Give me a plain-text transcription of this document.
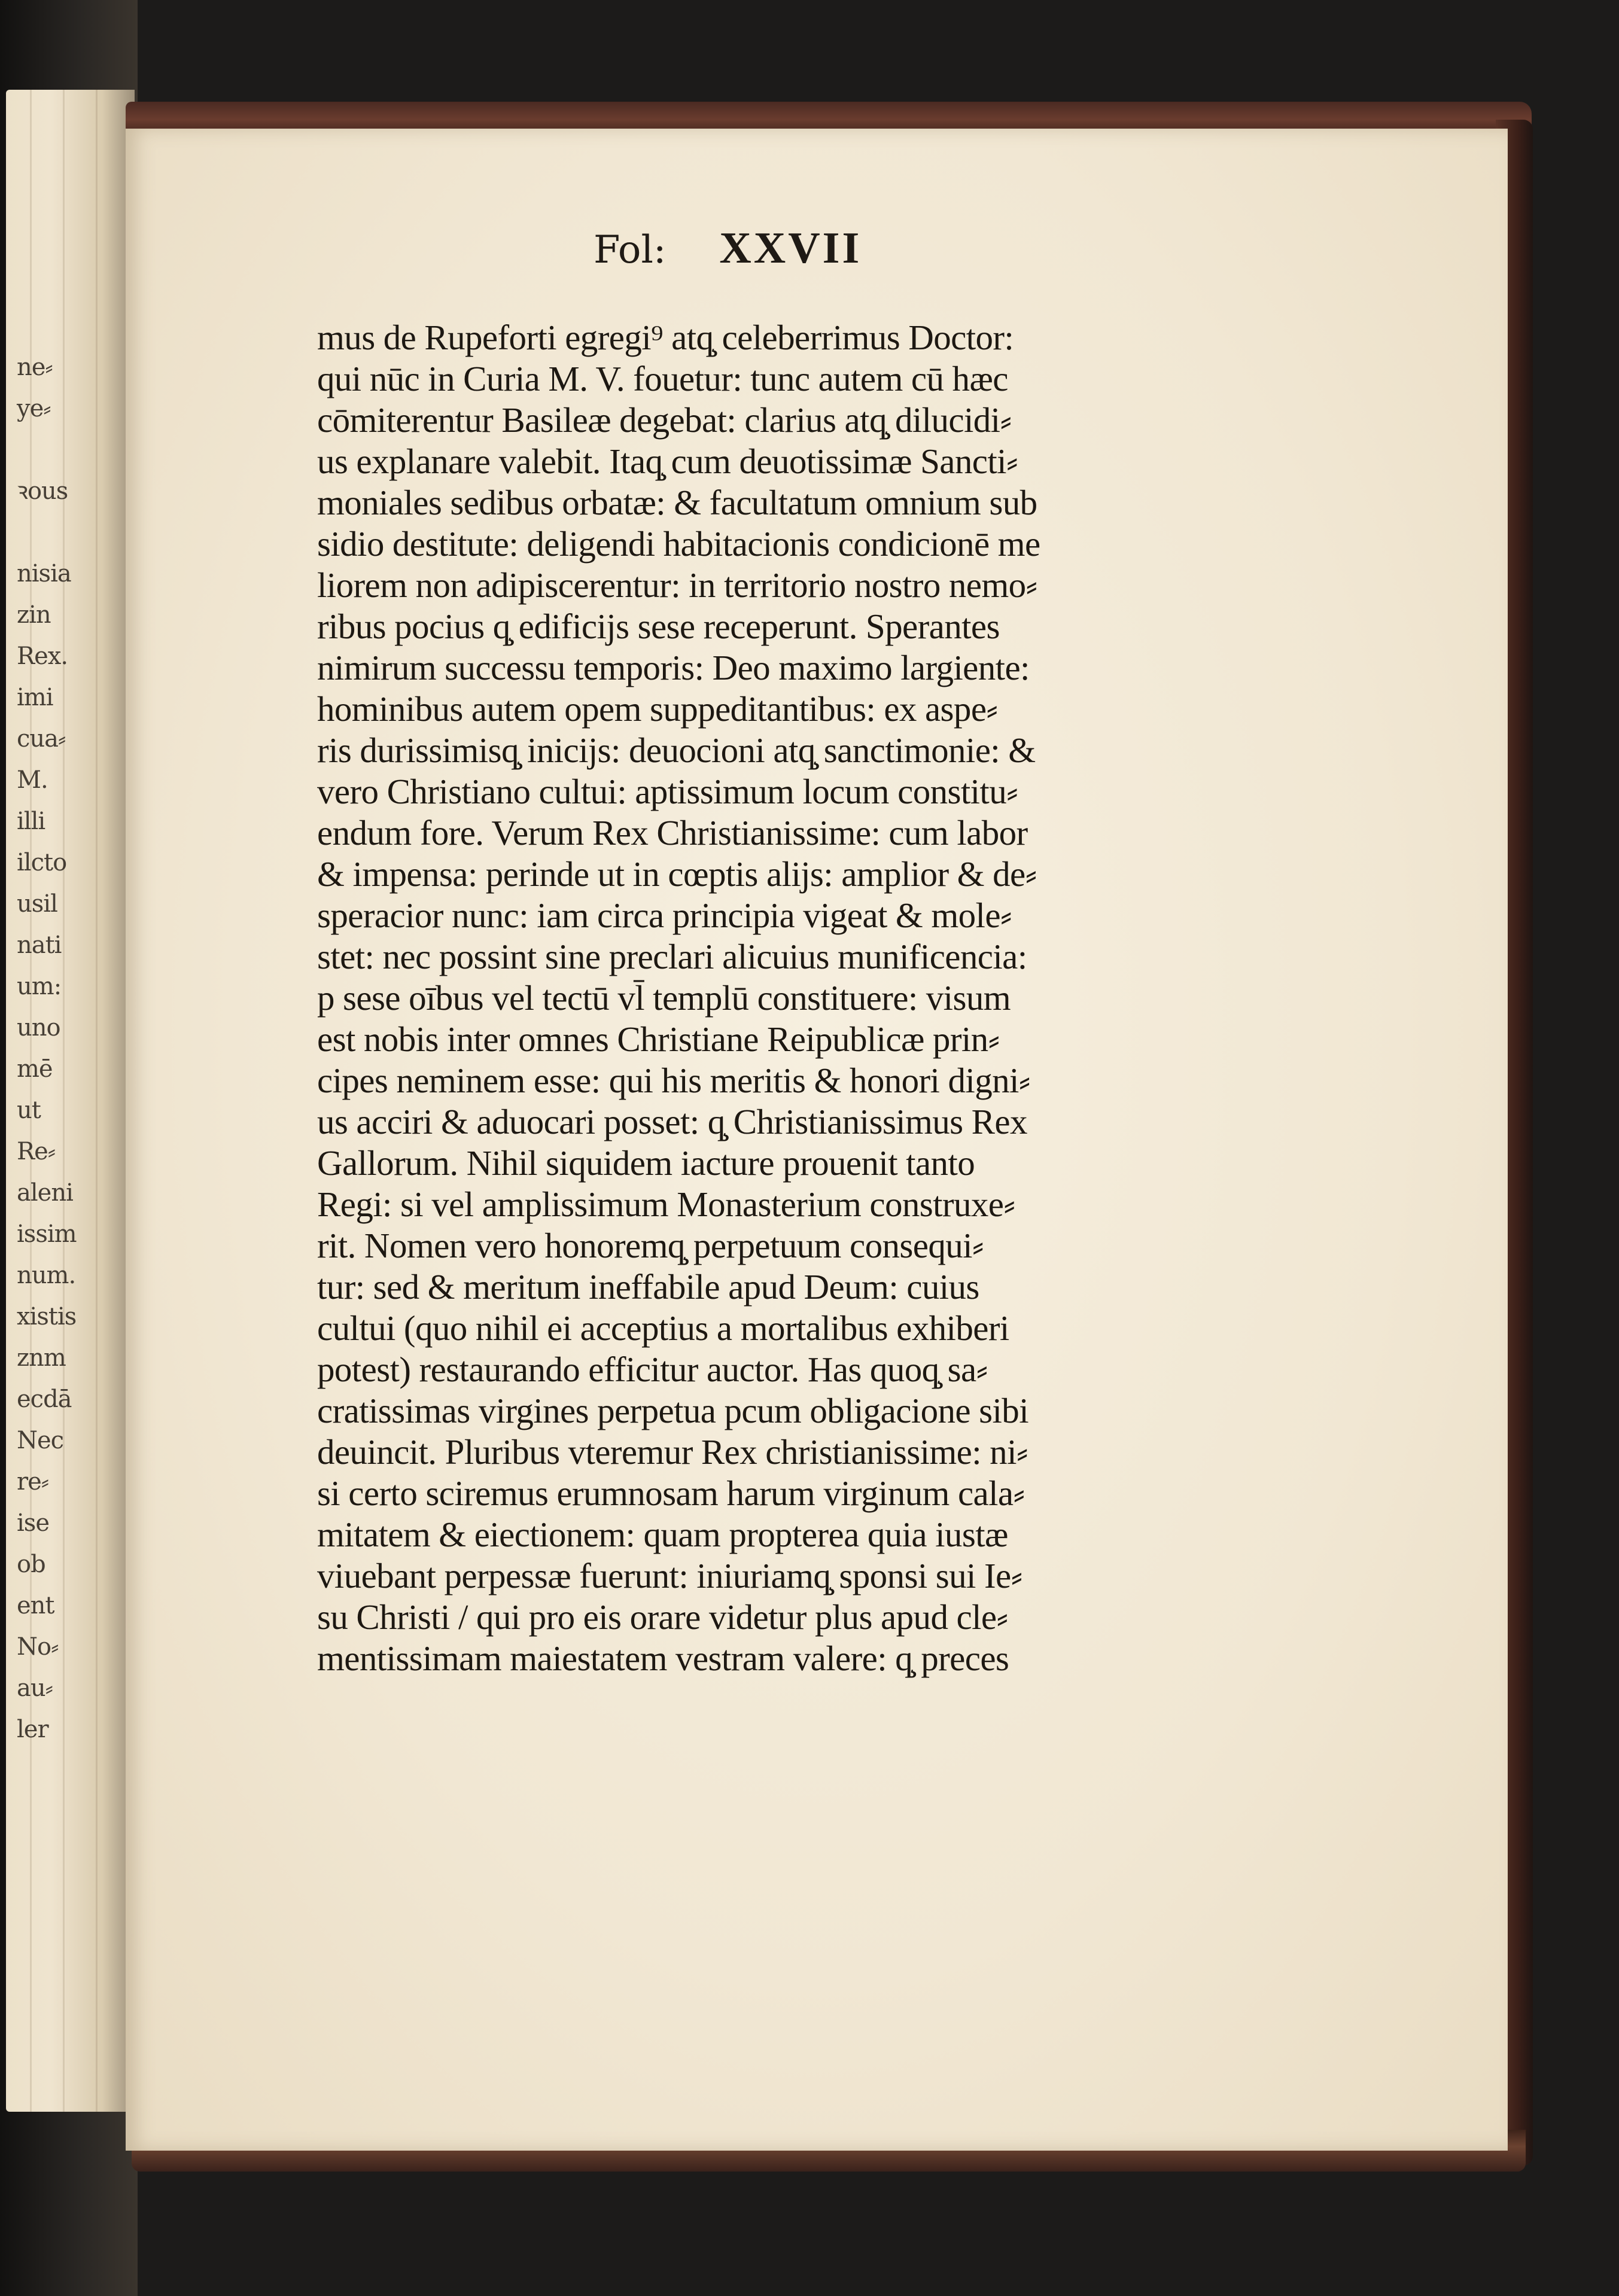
ne⸗
ye⸗
ꝛous
nisia
zin
Rex.
imi
cua⸗
M.
illi
ilcto
usil
nati
um:
uno
mē
ut
Re⸗
aleni
issim
num.
xistis
znm
ecdā
Nec
re⸗
ise
ob
ent
No⸗
au⸗
ler
Fol: XXVII
mus de Rupeforti egregi⁹ atq̧ celeberrimus Doctor:
qui nūc in Curia M. V. fouetur: tunc autem cū hæc
cōmiterentur Basileæ degebat: clarius atq̧ dilucidi⸗
us explanare valebit. Itaq̧ cum deuotissimæ Sancti⸗
moniales sedibus orbatæ: & facultatum omnium sub
sidio destitute: deligendi habitacionis condicionē me
liorem non adipiscerentur: in territorio nostro nemo⸗
ribus pocius q̧ edificijs sese receperunt. Sperantes
nimirum successu temporis: Deo maximo largiente:
hominibus autem opem suppeditantibus: ex aspe⸗
ris durissimisq̧ inicijs: deuocioni atq̧ sanctimonie: &
vero Christiano cultui: aptissimum locum constitu⸗
endum fore. Verum Rex Christianissime: cum labor
& impensa: perinde ut in cœptis alijs: amplior & de⸗
speracior nunc: iam circa principia vigeat & mole⸗
stet: nec possint sine preclari alicuius munificencia:
p sese oībus vel tectū vl̄ templū constituere: visum
est nobis inter omnes Christiane Reipublicæ prin⸗
cipes neminem esse: qui his meritis & honori digni⸗
us acciri & aduocari posset: q̧ Christianissimus Rex
Gallorum. Nihil siquidem iacture prouenit tanto
Regi: si vel amplissimum Monasterium construxe⸗
rit. Nomen vero honoremq̧ perpetuum consequi⸗
tur: sed & meritum ineffabile apud Deum: cuius
cultui (quo nihil ei acceptius a mortalibus exhiberi
potest) restaurando efficitur auctor. Has quoq̧ sa⸗
cratissimas virgines perpetua pcum obligacione sibi
deuincit. Pluribus vteremur Rex christianissime: ni⸗
si certo sciremus erumnosam harum virginum cala⸗
mitatem & eiectionem: quam propterea quia iustæ
viuebant perpessæ fuerunt: iniuriamq̧ sponsi sui Ie⸗
su Christi / qui pro eis orare videtur plus apud cle⸗
mentissimam maiestatem vestram valere: q̧ preces
